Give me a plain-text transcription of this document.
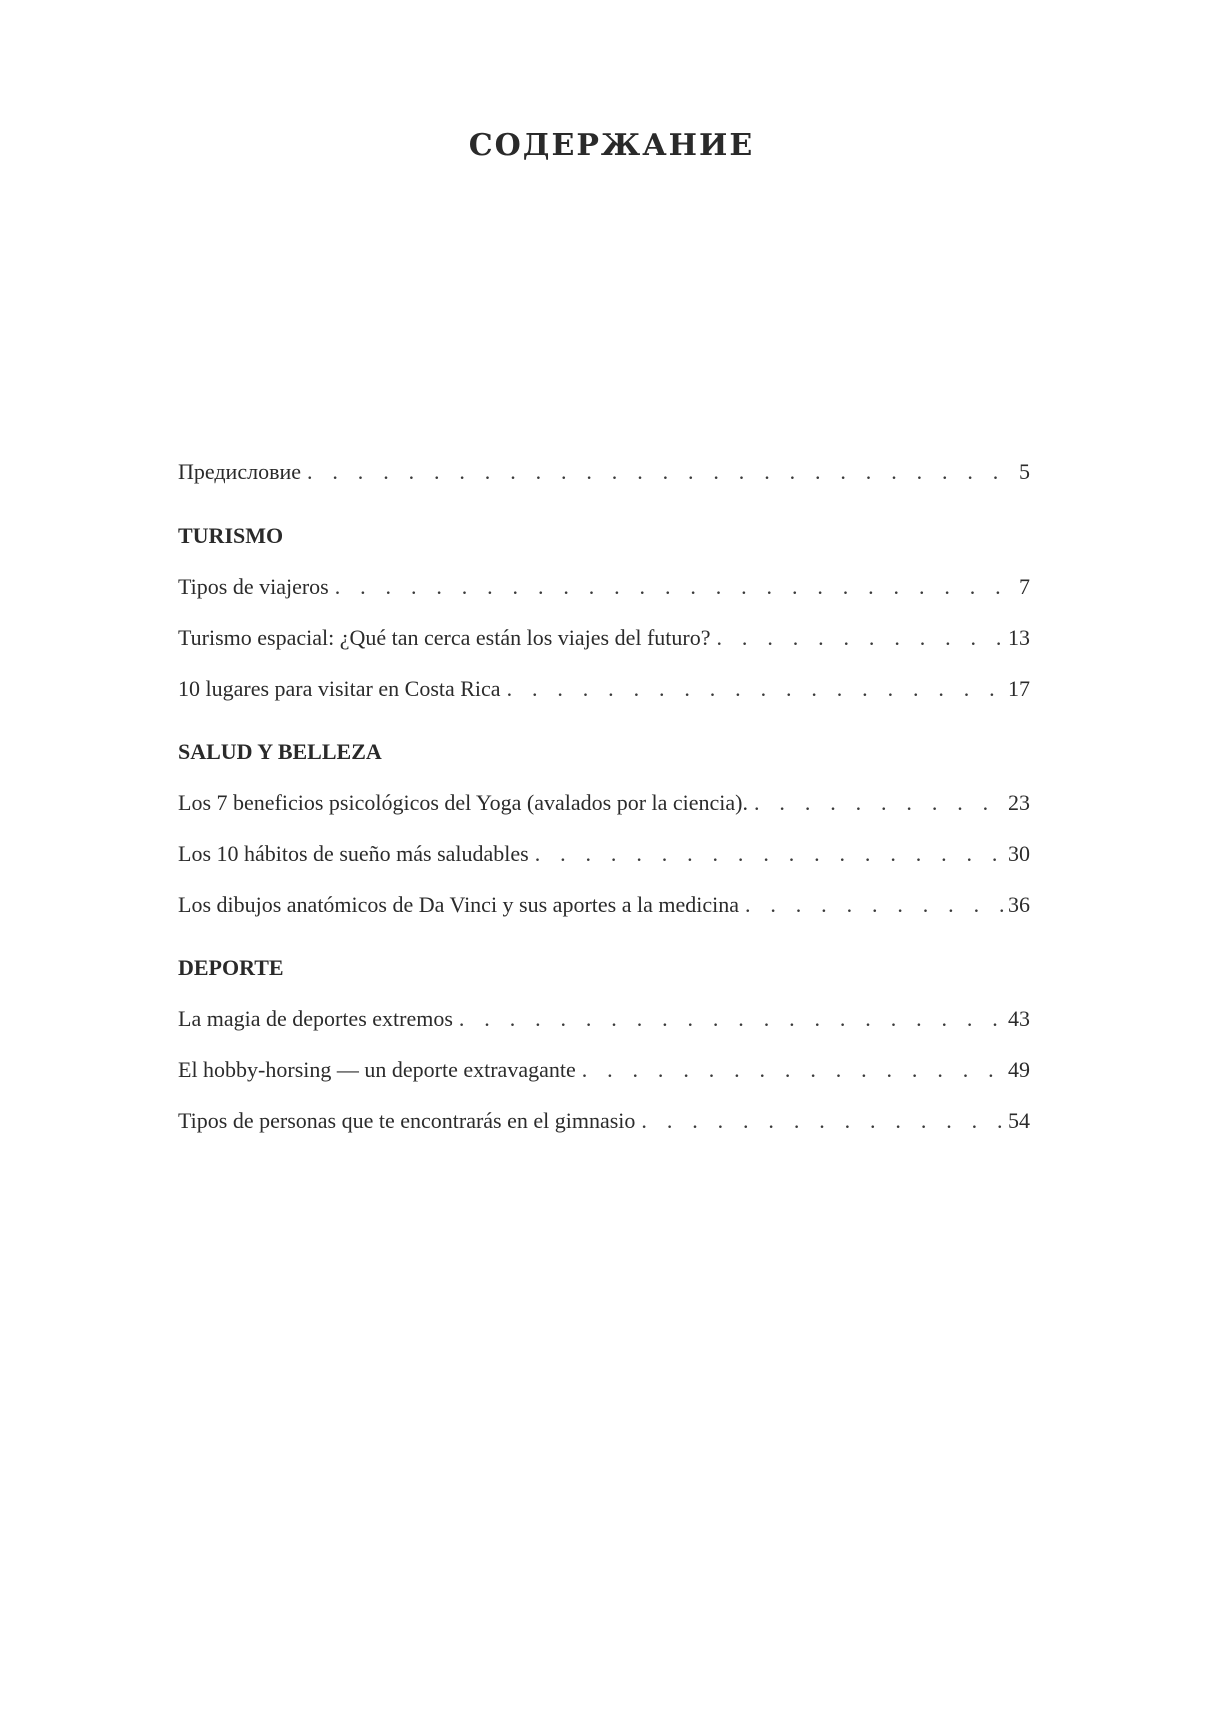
СОДЕРЖАНИЕ
Предисловие . . .	5
TURISMO
Tipos de viajeros . . .	7
Turismo espacial: ¿Qué tan cerca están los viajes del futuro? . . .	13
10 lugares para visitar en Costa Rica . . .	17
SALUD Y BELLEZA
Los 7 beneficios psicológicos del Yoga (avalados por la ciencia). . . .	23
Los 10 hábitos de sueño más saludables . . .	30
Los dibujos anatómicos de Da Vinci y sus aportes a la medicina . . .	36
DEPORTE
La magia de deportes extremos . . .	43
El hobby-horsing — un deporte extravagante . . .	49
Tipos de personas que te encontrarás en el gimnasio . . .	54
